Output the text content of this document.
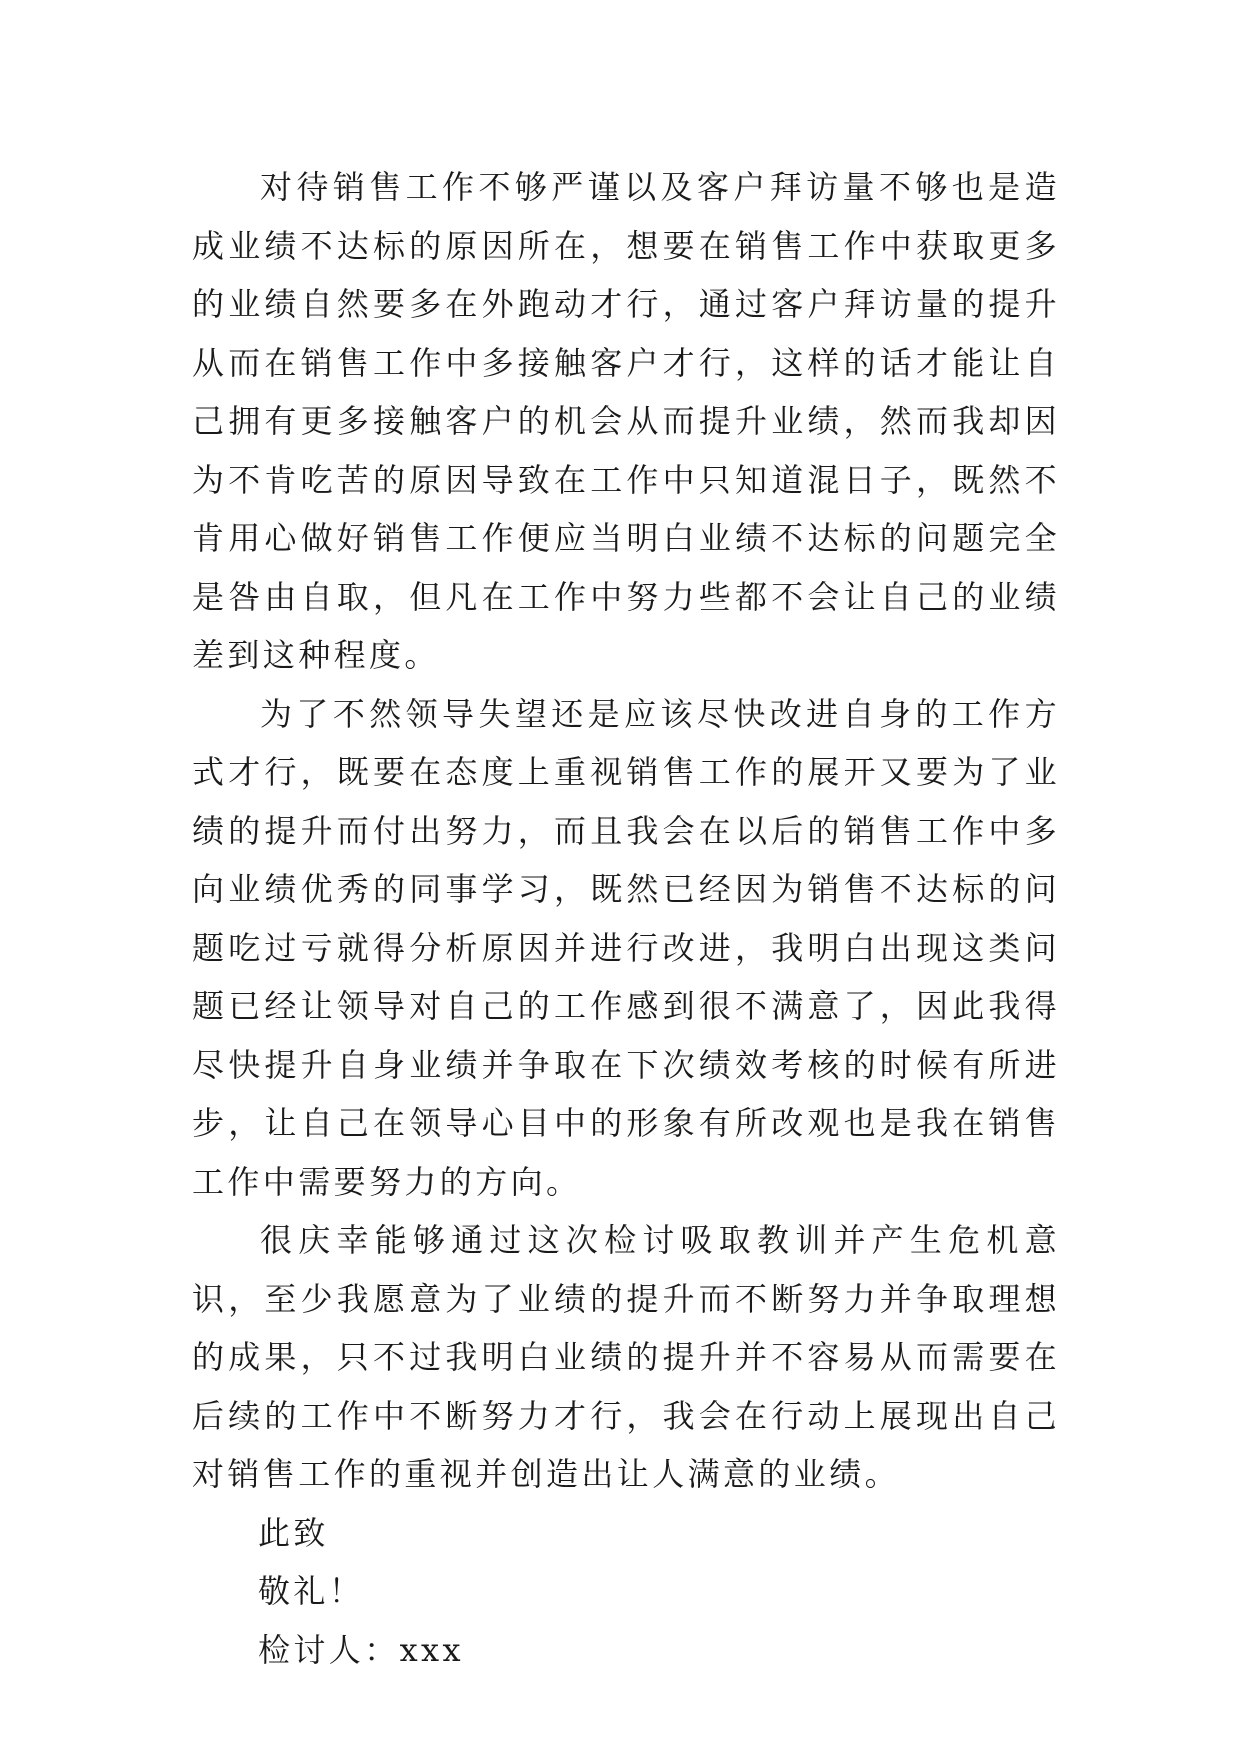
对待销售工作不够严谨以及客户拜访量不够也是造成业绩不达标的原因所在，想要在销售工作中获取更多的业绩自然要多在外跑动才行，通过客户拜访量的提升从而在销售工作中多接触客户才行，这样的话才能让自己拥有更多接触客户的机会从而提升业绩，然而我却因为不肯吃苦的原因导致在工作中只知道混日子，既然不肯用心做好销售工作便应当明白业绩不达标的问题完全是咎由自取，但凡在工作中努力些都不会让自己的业绩差到这种程度。

为了不然领导失望还是应该尽快改进自身的工作方式才行，既要在态度上重视销售工作的展开又要为了业绩的提升而付出努力，而且我会在以后的销售工作中多向业绩优秀的同事学习，既然已经因为销售不达标的问题吃过亏就得分析原因并进行改进，我明白出现这类问题已经让领导对自己的工作感到很不满意了，因此我得尽快提升自身业绩并争取在下次绩效考核的时候有所进步，让自己在领导心目中的形象有所改观也是我在销售工作中需要努力的方向。

很庆幸能够通过这次检讨吸取教训并产生危机意识，至少我愿意为了业绩的提升而不断努力并争取理想的成果，只不过我明白业绩的提升并不容易从而需要在后续的工作中不断努力才行，我会在行动上展现出自己对销售工作的重视并创造出让人满意的业绩。

此致

敬礼！

检讨人：xxx
